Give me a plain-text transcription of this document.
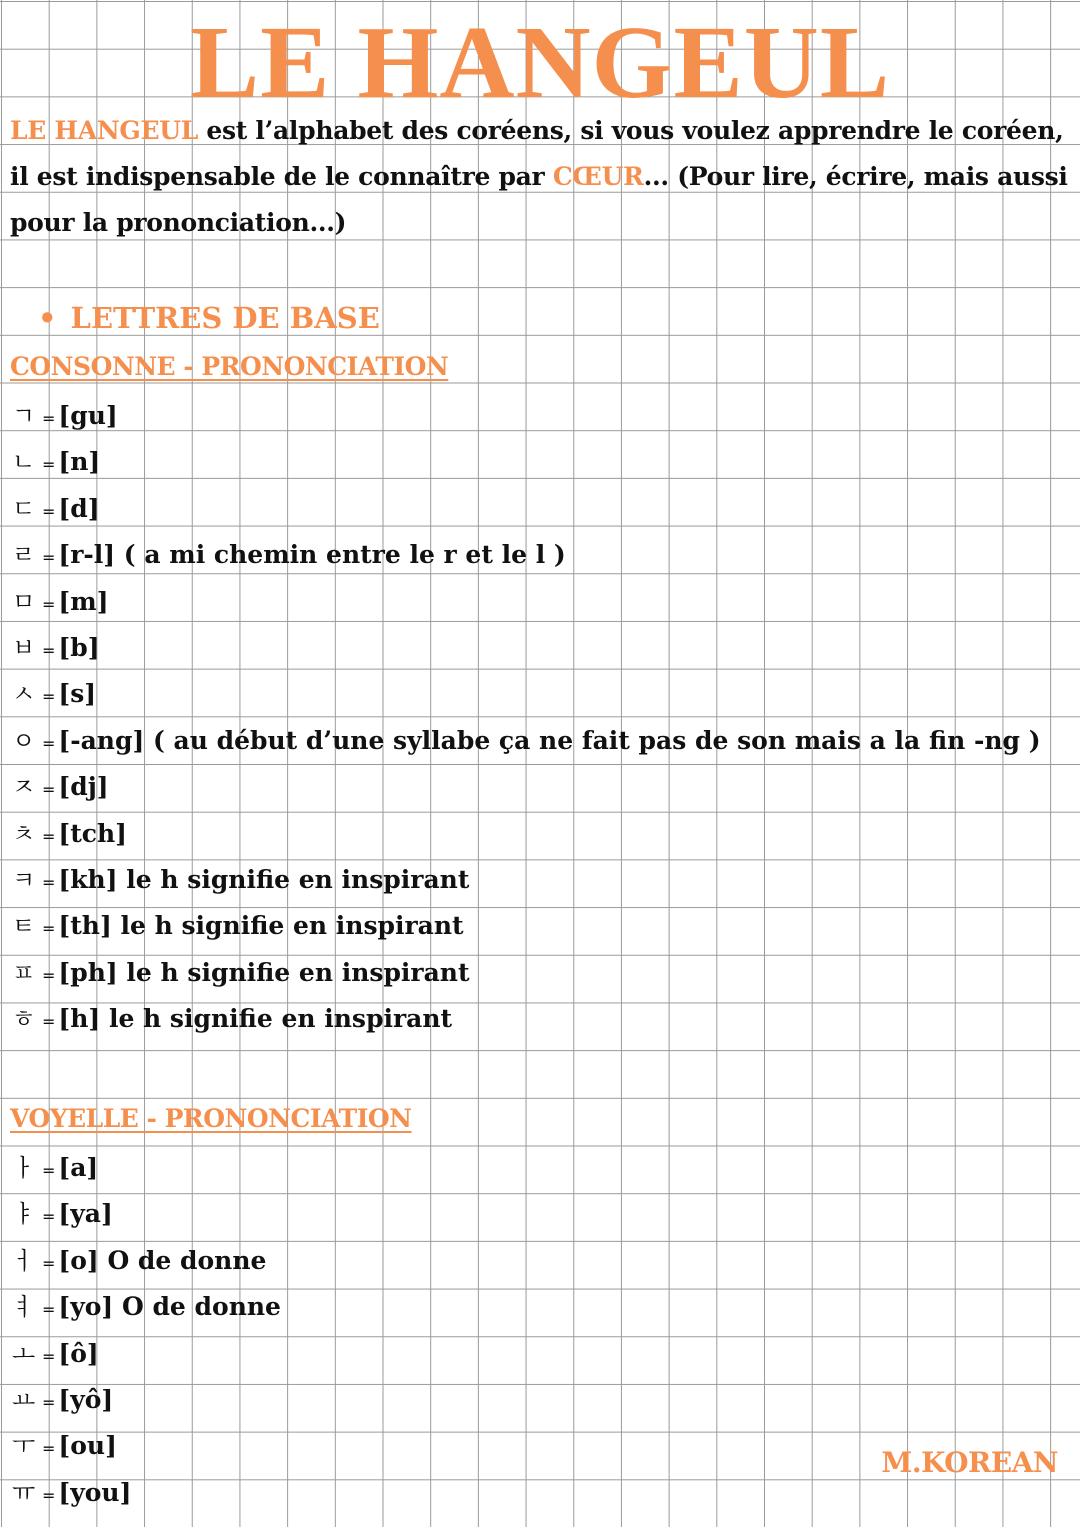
LE HANGEUL
LE HANGEUL est l’alphabet des coréens, si vous voulez apprendre le coréen, il est indispensable de le connaître par CŒUR... (Pour lire, écrire, mais aussi pour la prononciation...)
• LETTRES DE BASE
CONSONNE - PRONONCIATION
ㄱ = [gu]
ㄴ = [n]
ㄷ = [d]
ㄹ = [r-l] ( a mi chemin entre le r et le l )
ㅁ = [m]
ㅂ = [b]
ㅅ = [s]
ㅇ = [-ang] ( au début d’une syllabe ça ne fait pas de son mais a la fin -ng )
ㅈ = [dj]
ㅊ = [tch]
ㅋ = [kh] le h signifie en inspirant
ㅌ = [th] le h signifie en inspirant
ㅍ = [ph] le h signifie en inspirant
ㅎ = [h] le h signifie en inspirant
VOYELLE - PRONONCIATION
ㅏ = [a]
ㅑ = [ya]
ㅓ = [o] O de donne
ㅕ = [yo] O de donne
ㅗ = [ô]
ㅛ = [yô]
ㅜ = [ou]
ㅠ = [you]
M.KOREAN
